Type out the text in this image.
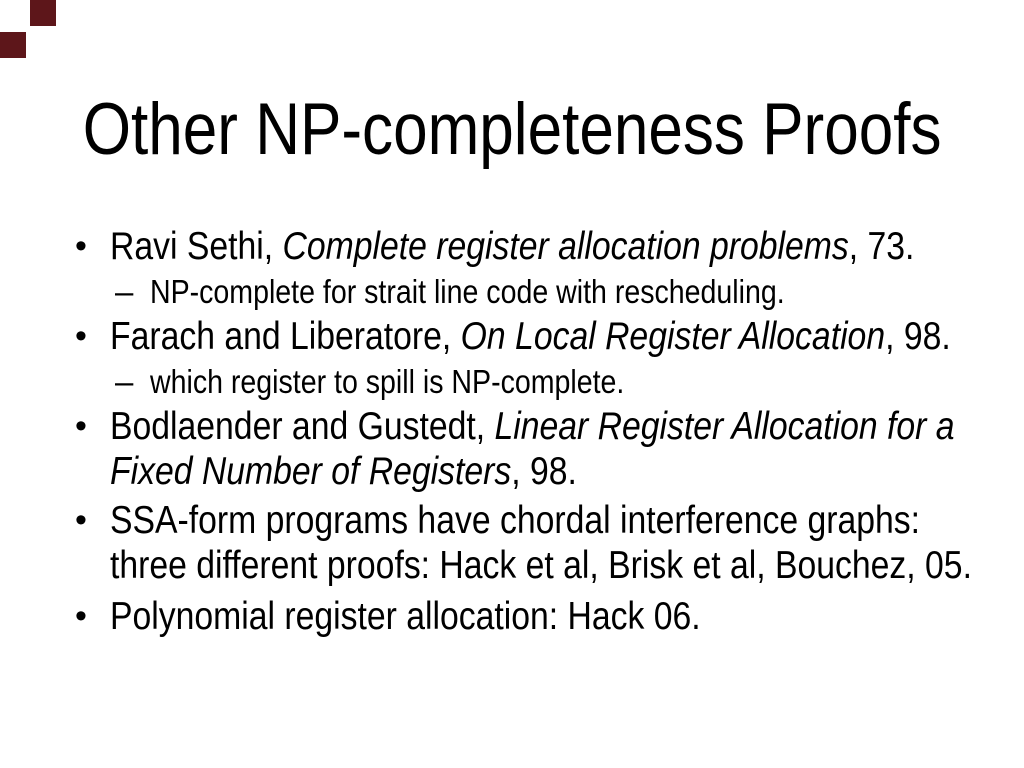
Other NP-completeness Proofs
• Ravi Sethi, Complete register allocation problems, 73.
– NP-complete for strait line code with rescheduling.
• Farach and Liberatore, On Local Register Allocation, 98.
– which register to spill is NP-complete.
• Bodlaender and Gustedt, Linear Register Allocation for a
Fixed Number of Registers, 98.
• SSA-form programs have chordal interference graphs:
three different proofs: Hack et al, Brisk et al, Bouchez, 05.
• Polynomial register allocation: Hack 06.
